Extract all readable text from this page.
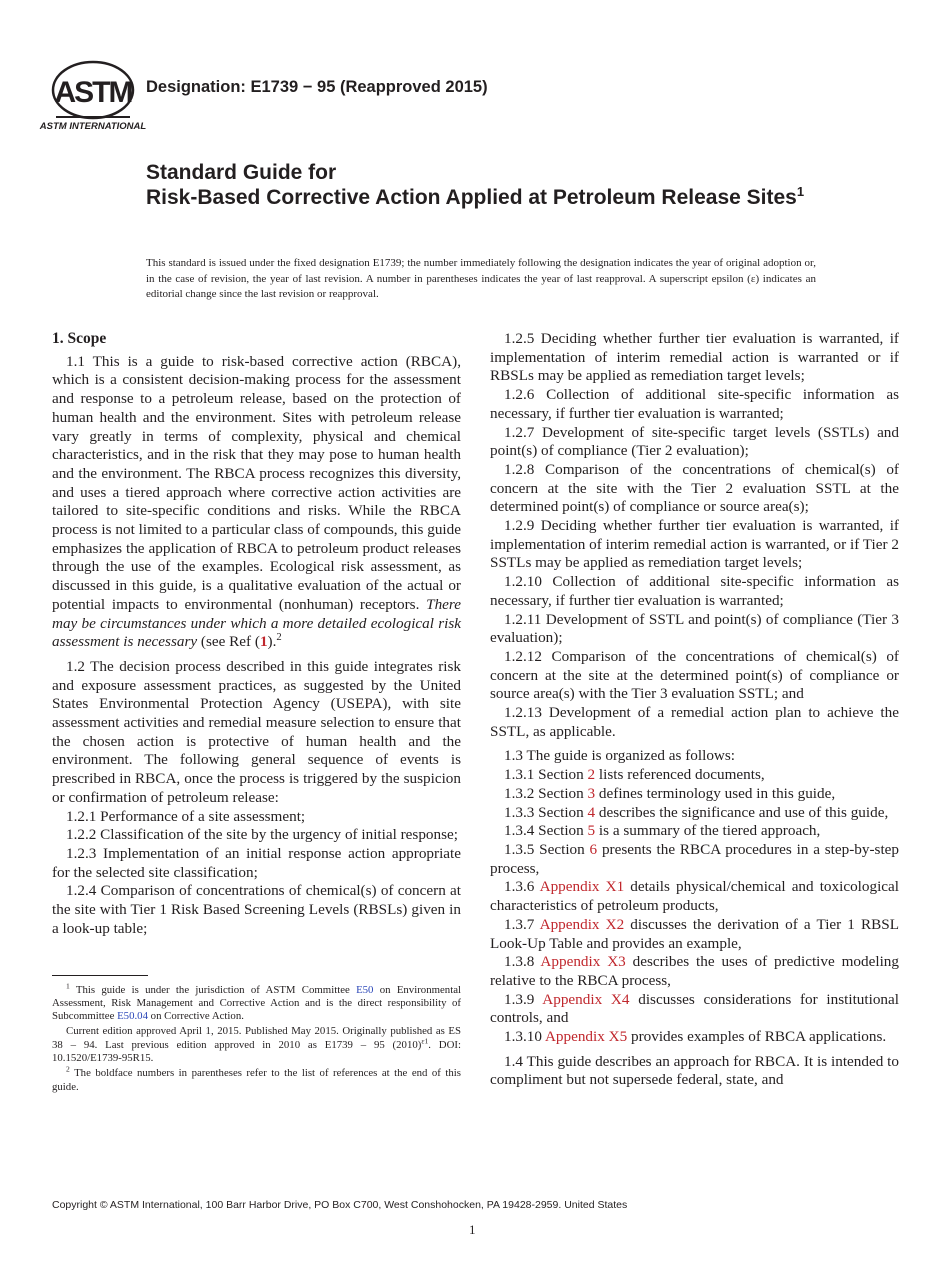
ASTM
ASTM INTERNATIONAL
Designation: E1739 − 95 (Reapproved 2015)
Standard Guide for
Risk-Based Corrective Action Applied at Petroleum Release Sites$^1$
This standard is issued under the fixed designation E1739; the number immediately following the designation indicates the year of original adoption or, in the case of revision, the year of last revision. A number in parentheses indicates the year of last reapproval. A superscript epsilon (ε) indicates an editorial change since the last revision or reapproval.
1. Scope

1.1 This is a guide to risk-based corrective action (RBCA), which is a consistent decision-making process for the assessment and response to a petroleum release, based on the protection of human health and the environment. Sites with petroleum release vary greatly in terms of complexity, physical and chemical characteristics, and in the risk that they may pose to human health and the environment. The RBCA process recognizes this diversity, and uses a tiered approach where corrective action activities are tailored to site-specific conditions and risks. While the RBCA process is not limited to a particular class of compounds, this guide emphasizes the application of RBCA to petroleum product releases through the use of the examples. Ecological risk assessment, as discussed in this guide, is a qualitative evaluation of the actual or potential impacts to environmental (nonhuman) receptors. There may be circumstances under which a more detailed ecological risk assessment is necessary (see Ref (1).$^2$

1.2 The decision process described in this guide integrates risk and exposure assessment practices, as suggested by the United States Environmental Protection Agency (USEPA), with site assessment activities and remedial measure selection to ensure that the chosen action is protective of human health and the environment. The following general sequence of events is prescribed in RBCA, once the process is triggered by the suspicion or confirmation of petroleum release:

1.2.1 Performance of a site assessment;

1.2.2 Classification of the site by the urgency of initial response;

1.2.3 Implementation of an initial response action appropriate for the selected site classification;

1.2.4 Comparison of concentrations of chemical(s) of concern at the site with Tier 1 Risk Based Screening Levels (RBSLs) given in a look-up table;

$^1$ This guide is under the jurisdiction of ASTM Committee E50 on Environmental Assessment, Risk Management and Corrective Action and is the direct responsibility of Subcommittee E50.04 on Corrective Action.

Current edition approved April 1, 2015. Published May 2015. Originally published as ES 38 – 94. Last previous edition approved in 2010 as E1739 – 95 $(2010)^{\varepsilon 1}$. DOI: 10.1520/E1739-95R15.

$^2$ The boldface numbers in parentheses refer to the list of references at the end of this guide.

1.2.5 Deciding whether further tier evaluation is warranted, if implementation of interim remedial action is warranted or if RBSLs may be applied as remediation target levels;

1.2.6 Collection of additional site-specific information as necessary, if further tier evaluation is warranted;

1.2.7 Development of site-specific target levels (SSTLs) and point(s) of compliance (Tier 2 evaluation);

1.2.8 Comparison of the concentrations of chemical(s) of concern at the site with the Tier 2 evaluation SSTL at the determined point(s) of compliance or source area(s);

1.2.9 Deciding whether further tier evaluation is warranted, if implementation of interim remedial action is warranted, or if Tier 2 SSTLs may be applied as remediation target levels;

1.2.10 Collection of additional site-specific information as necessary, if further tier evaluation is warranted;

1.2.11 Development of SSTL and point(s) of compliance (Tier 3 evaluation);

1.2.12 Comparison of the concentrations of chemical(s) of concern at the site at the determined point(s) of compliance or source area(s) with the Tier 3 evaluation SSTL; and

1.2.13 Development of a remedial action plan to achieve the SSTL, as applicable.

1.3 The guide is organized as follows:

1.3.1 Section 2 lists referenced documents,

1.3.2 Section 3 defines terminology used in this guide,

1.3.3 Section 4 describes the significance and use of this guide,

1.3.4 Section 5 is a summary of the tiered approach,

1.3.5 Section 6 presents the RBCA procedures in a step-by-step process,

1.3.6 Appendix X1 details physical/chemical and toxicological characteristics of petroleum products,

1.3.7 Appendix X2 discusses the derivation of a Tier 1 RBSL Look-Up Table and provides an example,

1.3.8 Appendix X3 describes the uses of predictive modeling relative to the RBCA process,

1.3.9 Appendix X4 discusses considerations for institutional controls, and

1.3.10 Appendix X5 provides examples of RBCA applications.

1.4 This guide describes an approach for RBCA. It is intended to compliment but not supersede federal, state, and

Copyright © ASTM International, 100 Barr Harbor Drive, PO Box C700, West Conshohocken, PA 19428-2959. United States
1
